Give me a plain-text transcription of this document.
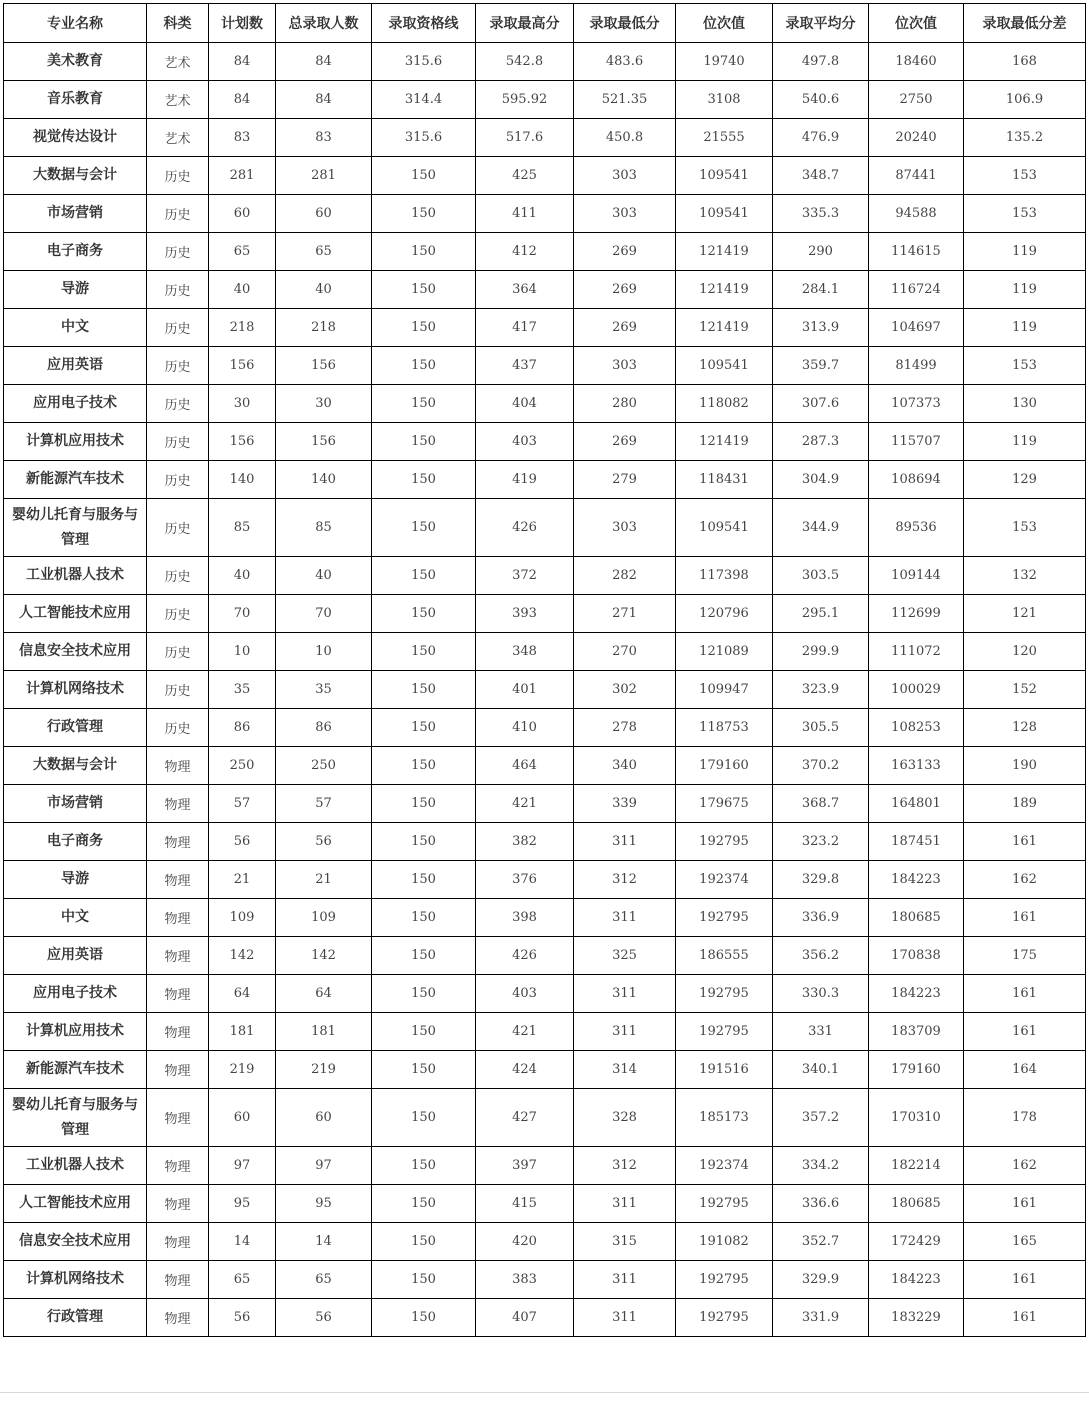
专业名称	科类	计划数	总录取人数	录取资格线	录取最高分	录取最低分	位次值	录取平均分	位次值	录取最低分差
美术教育	艺术	84	84	315.6	542.8	483.6	19740	497.8	18460	168
音乐教育	艺术	84	84	314.4	595.92	521.35	3108	540.6	2750	106.9
视觉传达设计	艺术	83	83	315.6	517.6	450.8	21555	476.9	20240	135.2
大数据与会计	历史	281	281	150	425	303	109541	348.7	87441	153
市场营销	历史	60	60	150	411	303	109541	335.3	94588	153
电子商务	历史	65	65	150	412	269	121419	290	114615	119
导游	历史	40	40	150	364	269	121419	284.1	116724	119
中文	历史	218	218	150	417	269	121419	313.9	104697	119
应用英语	历史	156	156	150	437	303	109541	359.7	81499	153
应用电子技术	历史	30	30	150	404	280	118082	307.6	107373	130
计算机应用技术	历史	156	156	150	403	269	121419	287.3	115707	119
新能源汽车技术	历史	140	140	150	419	279	118431	304.9	108694	129
婴幼儿托育与服务与管理	历史	85	85	150	426	303	109541	344.9	89536	153
工业机器人技术	历史	40	40	150	372	282	117398	303.5	109144	132
人工智能技术应用	历史	70	70	150	393	271	120796	295.1	112699	121
信息安全技术应用	历史	10	10	150	348	270	121089	299.9	111072	120
计算机网络技术	历史	35	35	150	401	302	109947	323.9	100029	152
行政管理	历史	86	86	150	410	278	118753	305.5	108253	128
大数据与会计	物理	250	250	150	464	340	179160	370.2	163133	190
市场营销	物理	57	57	150	421	339	179675	368.7	164801	189
电子商务	物理	56	56	150	382	311	192795	323.2	187451	161
导游	物理	21	21	150	376	312	192374	329.8	184223	162
中文	物理	109	109	150	398	311	192795	336.9	180685	161
应用英语	物理	142	142	150	426	325	186555	356.2	170838	175
应用电子技术	物理	64	64	150	403	311	192795	330.3	184223	161
计算机应用技术	物理	181	181	150	421	311	192795	331	183709	161
新能源汽车技术	物理	219	219	150	424	314	191516	340.1	179160	164
婴幼儿托育与服务与管理	物理	60	60	150	427	328	185173	357.2	170310	178
工业机器人技术	物理	97	97	150	397	312	192374	334.2	182214	162
人工智能技术应用	物理	95	95	150	415	311	192795	336.6	180685	161
信息安全技术应用	物理	14	14	150	420	315	191082	352.7	172429	165
计算机网络技术	物理	65	65	150	383	311	192795	329.9	184223	161
行政管理	物理	56	56	150	407	311	192795	331.9	183229	161
